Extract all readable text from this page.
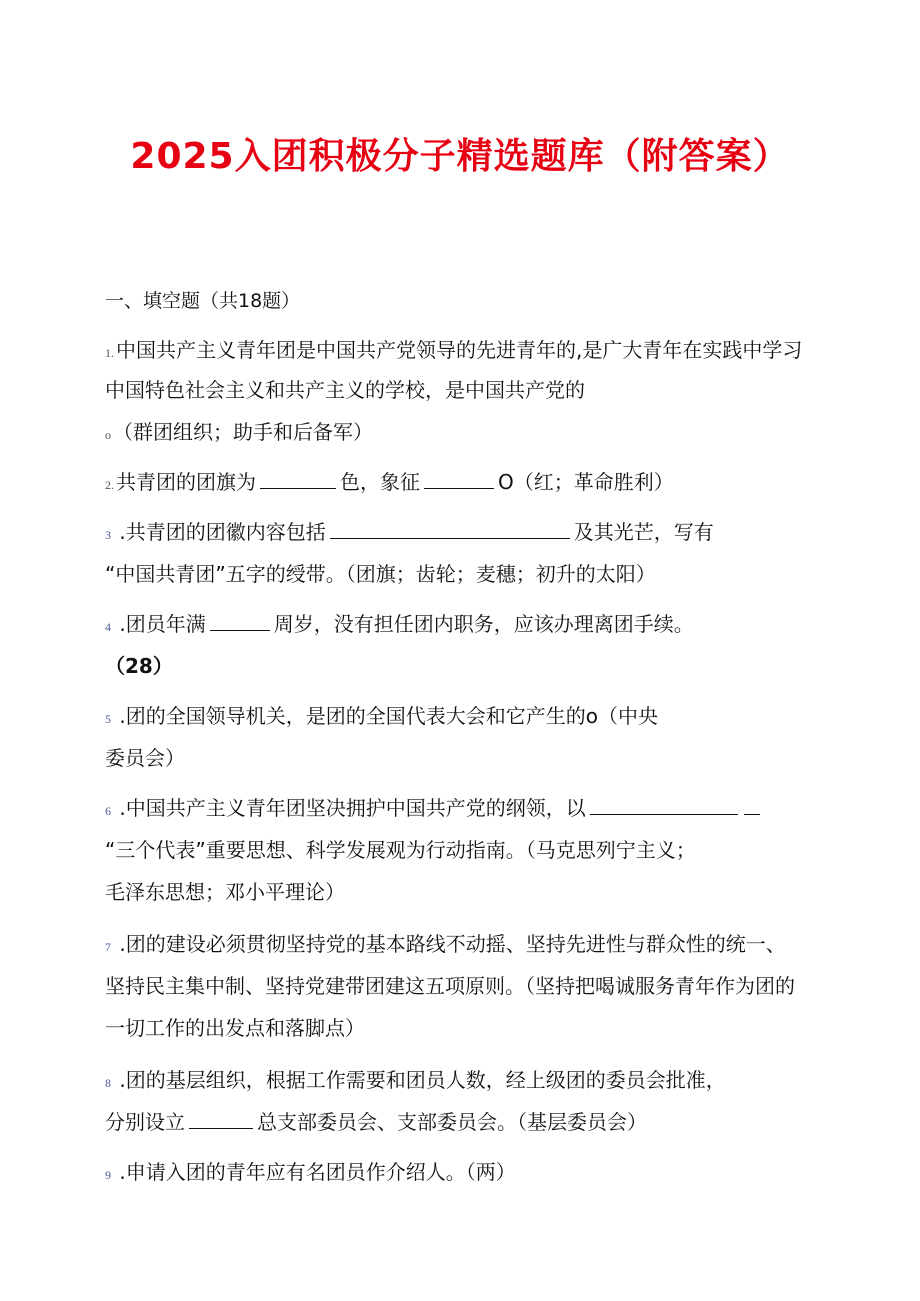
2025入团积极分子精选题库（附答案）
一、填空题（共18题）
1. 中国共产主义青年团是中国共产党领导的先进青年的,是广大青年在实践中学习
中国特色社会主义和共产主义的学校，是中国共产党的
o （群团组织；助手和后备军）
2. 共青团的团旗为	色，象征	O（红；革命胜利）
3 .共青团的团徽内容包括	及其光芒，写有
“中国共青团”五字的绶带。（团旗；齿轮；麦穗；初升的太阳）
4 .团员年满	周岁，没有担任团内职务，应该办理离团手续。
（28）
5 .团的全国领导机关，是团的全国代表大会和它产生的o（中央
委员会）
6 .中国共产主义青年团坚决拥护中国共产党的纲领，以
“三个代表”重要思想、科学发展观为行动指南。（马克思列宁主义；
毛泽东思想；邓小平理论）
7 .团的建设必须贯彻坚持党的基本路线不动摇、坚持先进性与群众性的统一、
坚持民主集中制、坚持党建带团建这五项原则。（坚持把喝诚服务青年作为团的
一切工作的出发点和落脚点）
8 .团的基层组织，根据工作需要和团员人数，经上级团的委员会批准，
分别设立	总支部委员会、支部委员会。（基层委员会）
9 .申请入团的青年应有名团员作介绍人。（两）
